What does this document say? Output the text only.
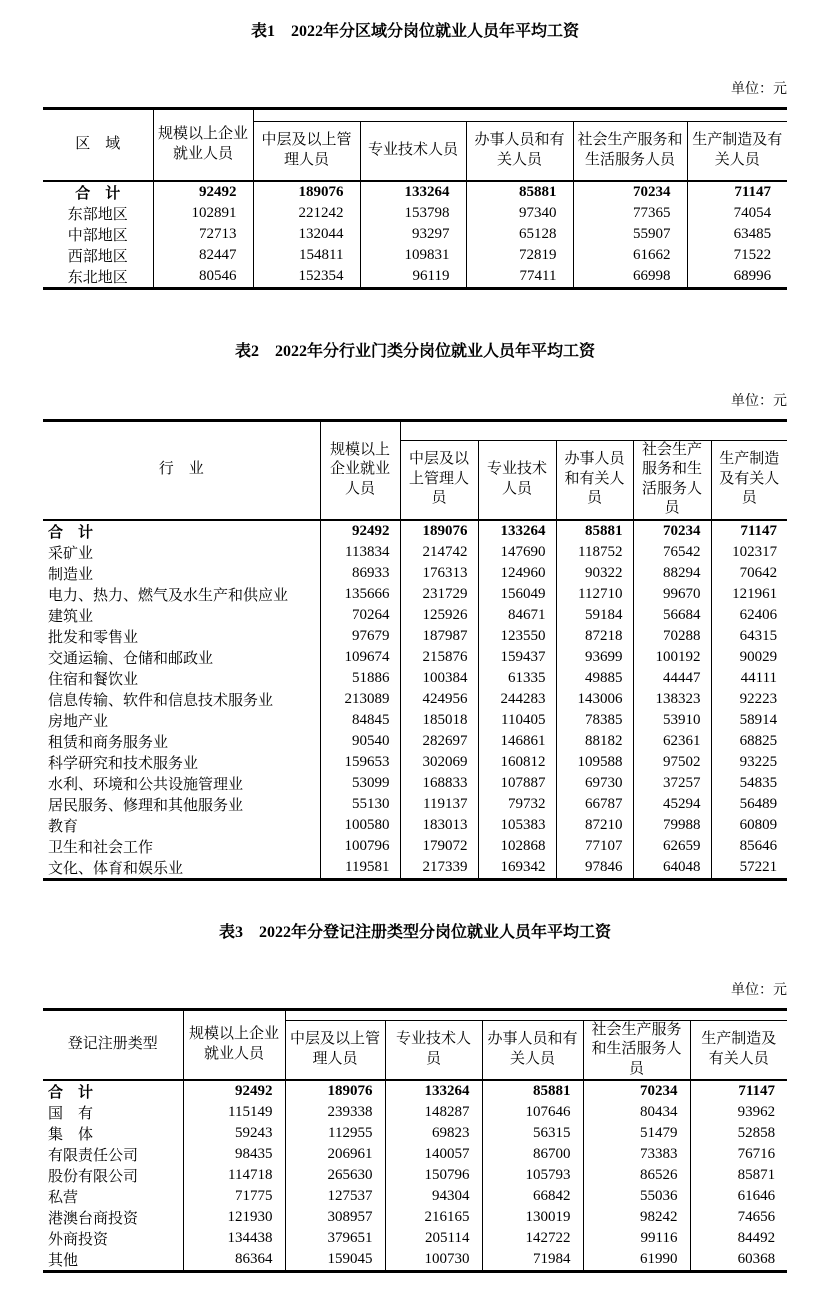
表1　2022年分区域分岗位就业人员年平均工资
单位：元
区　域	规模以上企业就业人员					
		中层及以上管理人员	专业技术人员	办事人员和有关人员	社会生产服务和生活服务人员	生产制造及有关人员
合　计	92492	189076	133264	85881	70234	71147
东部地区	102891	221242	153798	97340	77365	74054
中部地区	72713	132044	93297	65128	55907	63485
西部地区	82447	154811	109831	72819	61662	71522
东北地区	80546	152354	96119	77411	66998	68996
表2　2022年分行业门类分岗位就业人员年平均工资
单位：元
行　业	规模以上企业就业人员					
		中层及以上管理人员	专业技术人员	办事人员和有关人员	社会生产服务和生活服务人员	生产制造及有关人员
合　计	92492	189076	133264	85881	70234	71147
采矿业	113834	214742	147690	118752	76542	102317
制造业	86933	176313	124960	90322	88294	70642
电力、热力、燃气及水生产和供应业	135666	231729	156049	112710	99670	121961
建筑业	70264	125926	84671	59184	56684	62406
批发和零售业	97679	187987	123550	87218	70288	64315
交通运输、仓储和邮政业	109674	215876	159437	93699	100192	90029
住宿和餐饮业	51886	100384	61335	49885	44447	44111
信息传输、软件和信息技术服务业	213089	424956	244283	143006	138323	92223
房地产业	84845	185018	110405	78385	53910	58914
租赁和商务服务业	90540	282697	146861	88182	62361	68825
科学研究和技术服务业	159653	302069	160812	109588	97502	93225
水利、环境和公共设施管理业	53099	168833	107887	69730	37257	54835
居民服务、修理和其他服务业	55130	119137	79732	66787	45294	56489
教育	100580	183013	105383	87210	79988	60809
卫生和社会工作	100796	179072	102868	77107	62659	85646
文化、体育和娱乐业	119581	217339	169342	97846	64048	57221
表3　2022年分登记注册类型分岗位就业人员年平均工资
单位：元
登记注册类型	规模以上企业就业人员					
		中层及以上管理人员	专业技术人员	办事人员和有关人员	社会生产服务和生活服务人员	生产制造及有关人员
合　计	92492	189076	133264	85881	70234	71147
国　有	115149	239338	148287	107646	80434	93962
集　体	59243	112955	69823	56315	51479	52858
有限责任公司	98435	206961	140057	86700	73383	76716
股份有限公司	114718	265630	150796	105793	86526	85871
私营	71775	127537	94304	66842	55036	61646
港澳台商投资	121930	308957	216165	130019	98242	74656
外商投资	134438	379651	205114	142722	99116	84492
其他	86364	159045	100730	71984	61990	60368
